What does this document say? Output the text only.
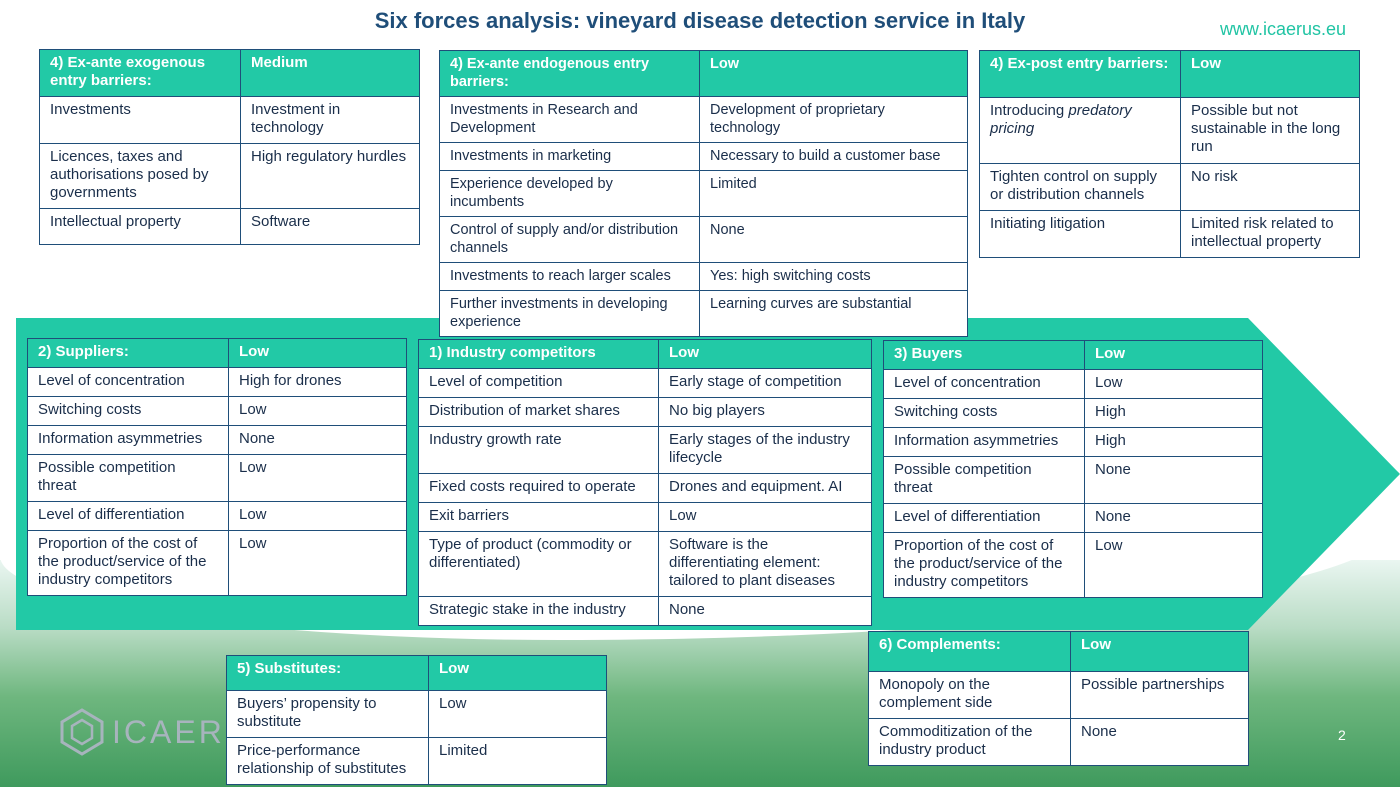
Six forces analysis: vineyard disease detection service in Italy	www.icaerus.eu
4) Ex-ante exogenous entry barriers:	Medium
Investments	Investment in technology
Licences, taxes and authorisations posed by governments	High regulatory hurdles
Intellectual property	Software
4) Ex-ante endogenous entry barriers:	Low
Investments in Research and Development	Development of proprietary technology
Investments in marketing	Necessary to build a customer base
Experience developed by incumbents	Limited
Control of supply and/or distribution channels	None
Investments to reach larger scales	Yes: high switching costs
Further investments in developing experience	Learning curves are substantial
4) Ex-post entry barriers:	Low
Introducing predatory pricing	Possible but not sustainable in the long run
Tighten control on supply or distribution channels	No risk
Initiating litigation	Limited risk related to intellectual property
2) Suppliers:	Low
Level of concentration	High for drones
Switching costs	Low
Information asymmetries	None
Possible competition threat	Low
Level of differentiation	Low
Proportion of the cost of the product/service of the industry competitors	Low
1) Industry competitors	Low
Level of competition	Early stage of competition
Distribution of market shares	No big players
Industry growth rate	Early stages of the industry lifecycle
Fixed costs required to operate	Drones and equipment. AI
Exit barriers	Low
Type of product (commodity or differentiated)	Software is the differentiating element: tailored to plant diseases
Strategic stake in the industry	None
3) Buyers	Low
Level of concentration	Low
Switching costs	High
Information asymmetries	High
Possible competition threat	None
Level of differentiation	None
Proportion of the cost of the product/service of the industry competitors	Low
5) Substitutes:	Low
Buyers’ propensity to substitute	Low
Price-performance relationship of substitutes	Limited
6) Complements:	Low
Monopoly on the complement side	Possible partnerships
Commoditization of the industry product	None
ICAER	2
